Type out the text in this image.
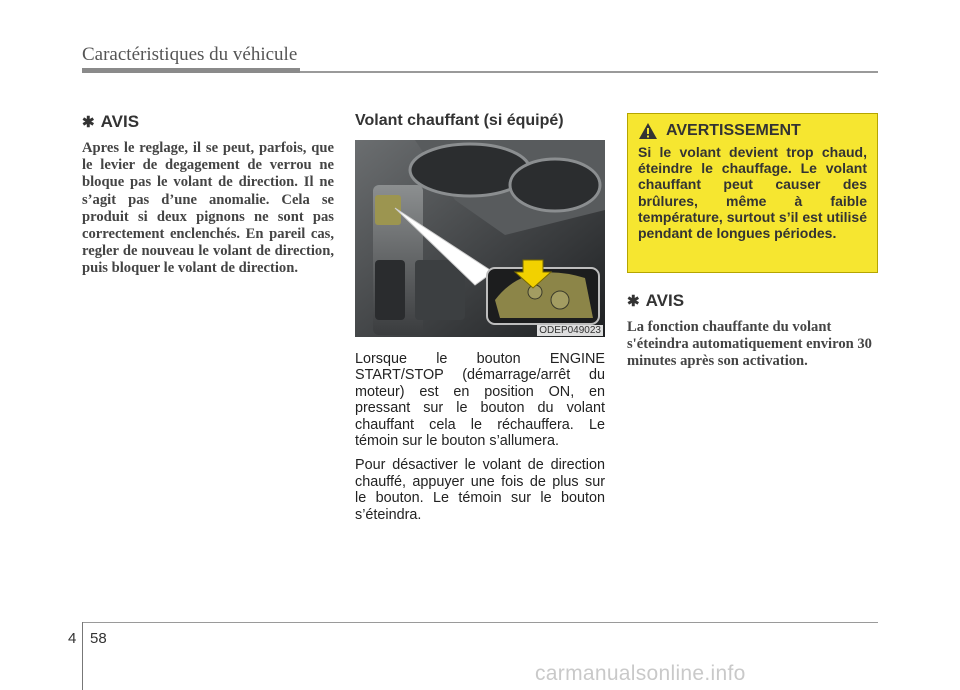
Caractéristiques du véhicule
✱ AVIS

Apres le reglage, il se peut, parfois, que le levier de degagement de verrou ne bloque pas le volant de direction. Il ne s’agit pas d’une anomalie. Cela se produit si deux pignons ne sont pas correctement enclenchés. En pareil cas, regler de nouveau le volant de direction, puis bloquer le volant de direction.

Volant chauffant (si équipé)

ODEP049023

Lorsque le bouton ENGINE START/STOP (démarrage/arrêt du moteur) est en position ON, en pressant sur le bouton du volant chauffant cela le réchauffera. Le témoin sur le bouton s’allumera.

Pour désactiver le volant de direction chauffé, appuyer une fois de plus sur le bouton. Le témoin sur le bouton s’éteindra.

AVERTISSEMENT

Si le volant devient trop chaud, éteindre le chauffage. Le volant chauffant peut causer des brûlures, même à faible température, surtout s’il est utilisé pendant de longues périodes.

✱ AVIS

La fonction chauffante du volant s'éteindra automatiquement environ 30 minutes après son activation.

4 58
carmanualsonline.info
